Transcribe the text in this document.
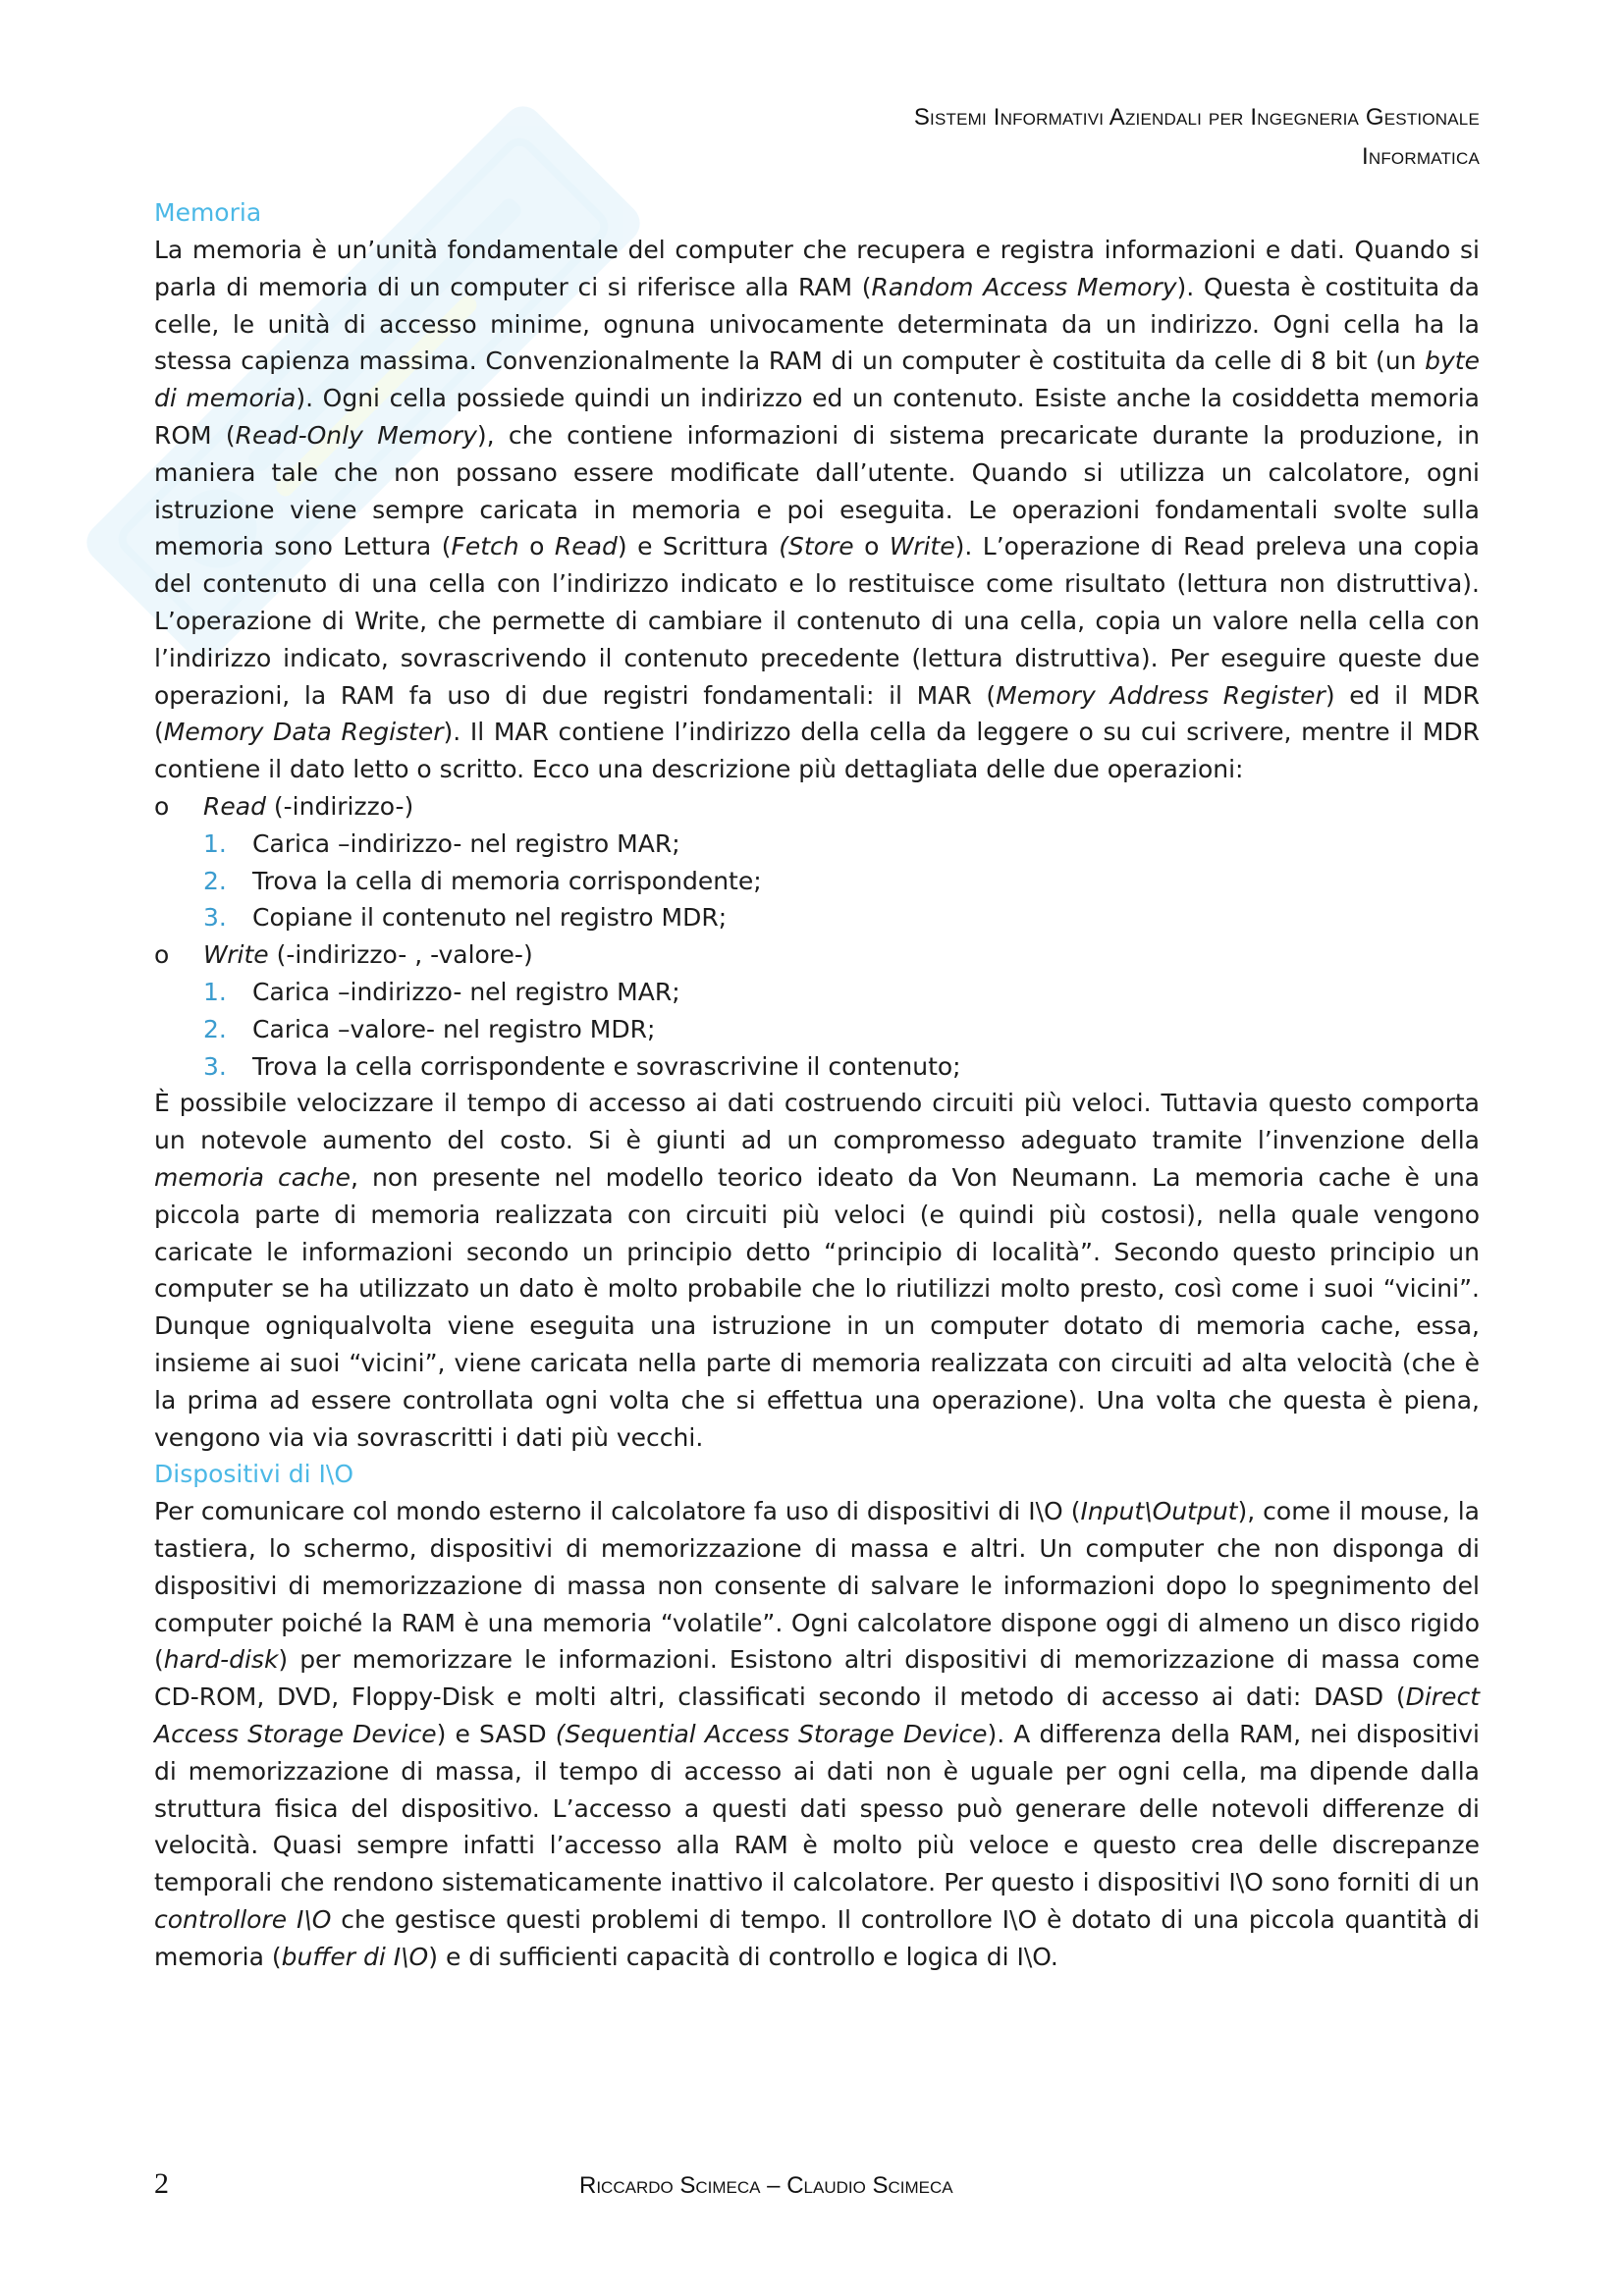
Sistemi Informativi Aziendali per Ingegneria Gestionale
Informatica
Memoria

La memoria è un’unità fondamentale del computer che recupera e registra informazioni e dati. Quando si parla di memoria di un computer ci si riferisce alla RAM (Random Access Memory). Questa è costituita da celle, le unità di accesso minime, ognuna univocamente determinata da un indirizzo. Ogni cella ha la stessa capienza massima. Convenzionalmente la RAM di un computer è costituita da celle di 8 bit (un byte di memoria). Ogni cella possiede quindi un indirizzo ed un contenuto. Esiste anche la cosiddetta memoria ROM (Read-Only Memory), che contiene informazioni di sistema precaricate durante la produzione, in maniera tale che non possano essere modificate dall’utente. Quando si utilizza un calcolatore, ogni istruzione viene sempre caricata in memoria e poi eseguita. Le operazioni fondamentali svolte sulla memoria sono Lettura (Fetch o Read) e Scrittura (Store o Write). L’operazione di Read preleva una copia del contenuto di una cella con l’indirizzo indicato e lo restituisce come risultato (lettura non distruttiva). L’operazione di Write, che permette di cambiare il contenuto di una cella, copia un valore nella cella con l’indirizzo indicato, sovrascrivendo il contenuto precedente (lettura distruttiva). Per eseguire queste due operazioni, la RAM fa uso di due registri fondamentali: il MAR (Memory Address Register) ed il MDR (Memory Data Register). Il MAR contiene l’indirizzo della cella da leggere o su cui scrivere, mentre il MDR contiene il dato letto o scritto. Ecco una descrizione più dettagliata delle due operazioni:

o	Read (-indirizzo-)
1.	Carica –indirizzo- nel registro MAR;
2.	Trova la cella di memoria corrispondente;
3.	Copiane il contenuto nel registro MDR;
o	Write (-indirizzo- , -valore-)
1.	Carica –indirizzo- nel registro MAR;
2.	Carica –valore- nel registro MDR;
3.	Trova la cella corrispondente e sovrascrivine il contenuto;

È possibile velocizzare il tempo di accesso ai dati costruendo circuiti più veloci. Tuttavia questo comporta un notevole aumento del costo. Si è giunti ad un compromesso adeguato tramite l’invenzione della memoria cache, non presente nel modello teorico ideato da Von Neumann. La memoria cache è una piccola parte di memoria realizzata con circuiti più veloci (e quindi più costosi), nella quale vengono caricate le informazioni secondo un principio detto “principio di località”. Secondo questo principio un computer se ha utilizzato un dato è molto probabile che lo riutilizzi molto presto, così come i suoi “vicini”. Dunque ogniqualvolta viene eseguita una istruzione in un computer dotato di memoria cache, essa, insieme ai suoi “vicini”, viene caricata nella parte di memoria realizzata con circuiti ad alta velocità (che è la prima ad essere controllata ogni volta che si effettua una operazione). Una volta che questa è piena, vengono via via sovrascritti i dati più vecchi.

Dispositivi di I\O

Per comunicare col mondo esterno il calcolatore fa uso di dispositivi di I\O (Input\Output), come il mouse, la tastiera, lo schermo, dispositivi di memorizzazione di massa e altri. Un computer che non disponga di dispositivi di memorizzazione di massa non consente di salvare le informazioni dopo lo spegnimento del computer poiché la RAM è una memoria “volatile”. Ogni calcolatore dispone oggi di almeno un disco rigido (hard-disk) per memorizzare le informazioni. Esistono altri dispositivi di memorizzazione di massa come CD-ROM, DVD, Floppy-Disk e molti altri, classificati secondo il metodo di accesso ai dati: DASD (Direct Access Storage Device) e SASD (Sequential Access Storage Device). A differenza della RAM, nei dispositivi di memorizzazione di massa, il tempo di accesso ai dati non è uguale per ogni cella, ma dipende dalla struttura fisica del dispositivo. L’accesso a questi dati spesso può generare delle notevoli differenze di velocità. Quasi sempre infatti l’accesso alla RAM è molto più veloce e questo crea delle discrepanze temporali che rendono sistematicamente inattivo il calcolatore. Per questo i dispositivi I\O sono forniti di un controllore I\O che gestisce questi problemi di tempo. Il controllore I\O è dotato di una piccola quantità di memoria (buffer di I\O) e di sufficienti capacità di controllo e logica di I\O.

2	Riccardo Scimeca – Claudio Scimeca
